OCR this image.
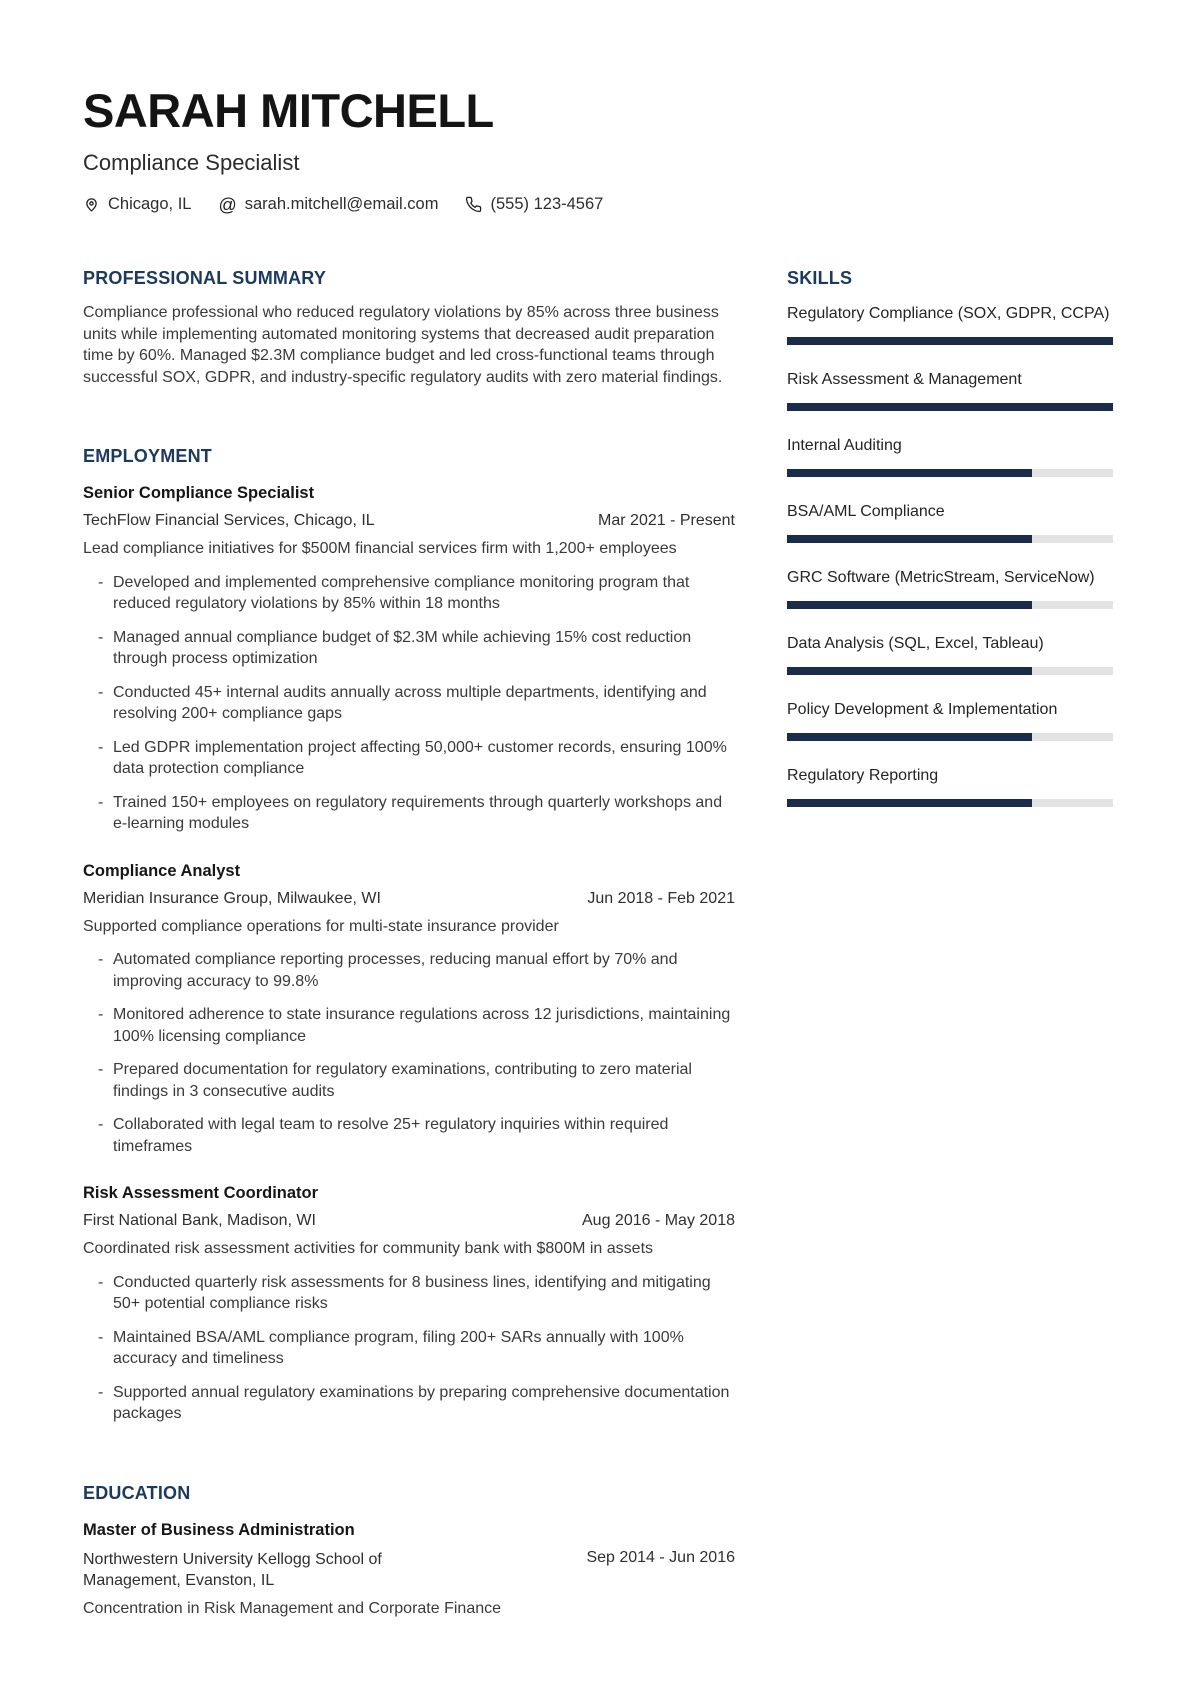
SARAH MITCHELL
Compliance Specialist
Chicago, IL @ sarah.mitchell@email.com	(555) 123-4567
PROFESSIONAL SUMMARY

Compliance professional who reduced regulatory violations by 85% across three business units while implementing automated monitoring systems that decreased audit preparation time by 60%. Managed $2.3M compliance budget and led cross-functional teams through successful SOX, GDPR, and industry-specific regulatory audits with zero material findings.

EMPLOYMENT
Senior Compliance Specialist
TechFlow Financial Services, Chicago, IL	Mar 2021 - Present
Lead compliance initiatives for $500M financial services firm with 1,200+ employees
- Developed and implemented comprehensive compliance monitoring program that reduced regulatory violations by 85% within 18 months
- Managed annual compliance budget of $2.3M while achieving 15% cost reduction through process optimization
- Conducted 45+ internal audits annually across multiple departments, identifying and resolving 200+ compliance gaps
- Led GDPR implementation project affecting 50,000+ customer records, ensuring 100% data protection compliance
- Trained 150+ employees on regulatory requirements through quarterly workshops and e-learning modules
Compliance Analyst
Meridian Insurance Group, Milwaukee, WI	Jun 2018 - Feb 2021
Supported compliance operations for multi-state insurance provider
- Automated compliance reporting processes, reducing manual effort by 70% and improving accuracy to 99.8%
- Monitored adherence to state insurance regulations across 12 jurisdictions, maintaining 100% licensing compliance
- Prepared documentation for regulatory examinations, contributing to zero material findings in 3 consecutive audits
- Collaborated with legal team to resolve 25+ regulatory inquiries within required timeframes
Risk Assessment Coordinator
First National Bank, Madison, WI	Aug 2016 - May 2018
Coordinated risk assessment activities for community bank with $800M in assets
- Conducted quarterly risk assessments for 8 business lines, identifying and mitigating 50+ potential compliance risks
- Maintained BSA/AML compliance program, filing 200+ SARs annually with 100% accuracy and timeliness
- Supported annual regulatory examinations by preparing comprehensive documentation packages
EDUCATION
Master of Business Administration
Northwestern University Kellogg School of Management, Evanston, IL
Sep 2014 - Jun 2016
Concentration in Risk Management and Corporate Finance
SKILLS
Regulatory Compliance (SOX, GDPR, CCPA)
Risk Assessment & Management
Internal Auditing
BSA/AML Compliance
GRC Software (MetricStream, ServiceNow)
Data Analysis (SQL, Excel, Tableau)
Policy Development & Implementation
Regulatory Reporting
